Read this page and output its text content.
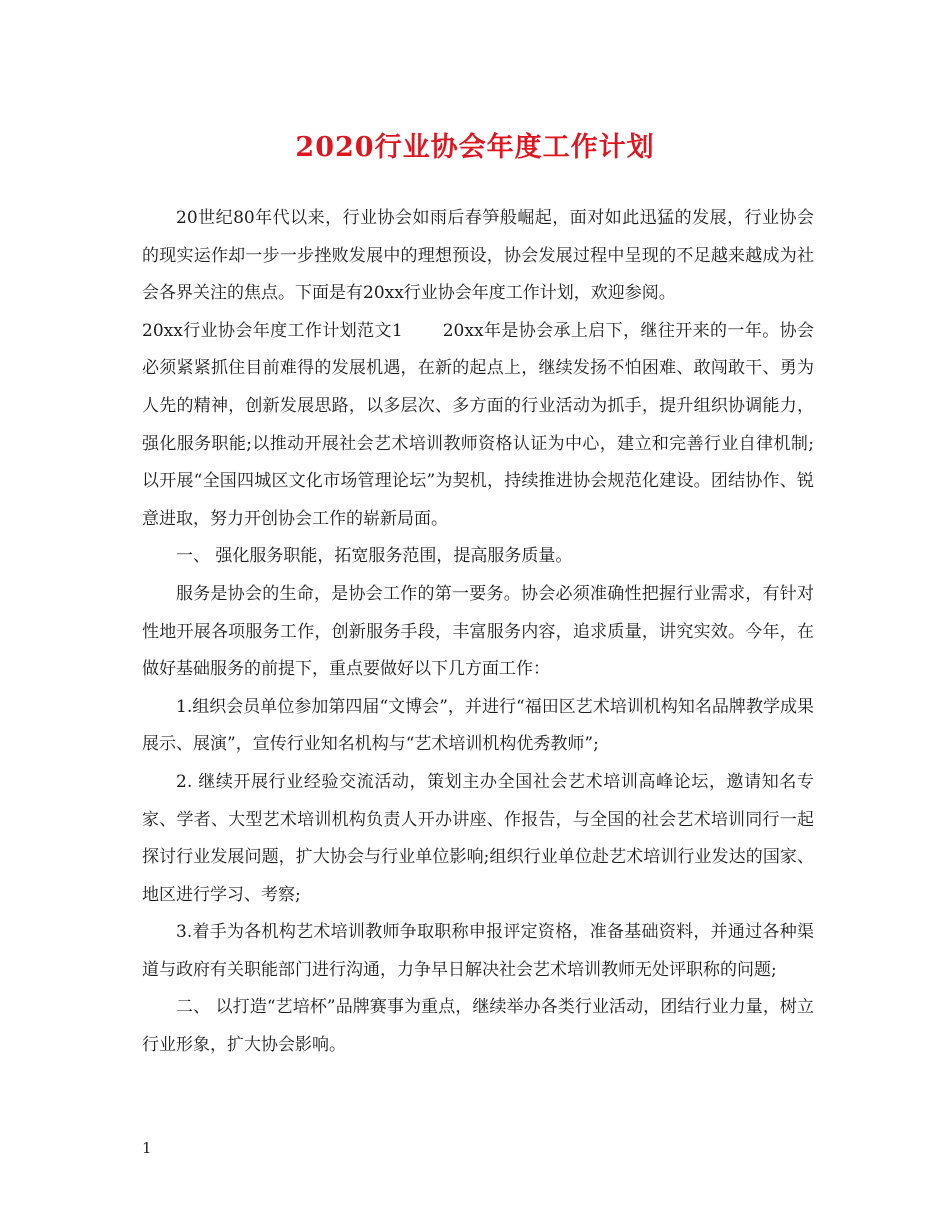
2020行业协会年度工作计划

20世纪80年代以来，行业协会如雨后春笋般崛起，面对如此迅猛的发展，行业协会的现实运作却一步一步挫败发展中的理想预设，协会发展过程中呈现的不足越来越成为社会各界关注的焦点。下面是有20xx行业协会年度工作计划，欢迎参阅。

20xx行业协会年度工作计划范文1 20xx年是协会承上启下，继往开来的一年。协会必须紧紧抓住目前难得的发展机遇，在新的起点上，继续发扬不怕困难、敢闯敢干、勇为人先的精神，创新发展思路，以多层次、多方面的行业活动为抓手，提升组织协调能力，强化服务职能;以推动开展社会艺术培训教师资格认证为中心，建立和完善行业自律机制;以开展“全国四城区文化市场管理论坛”为契机，持续推进协会规范化建设。团结协作、锐意进取，努力开创协会工作的崭新局面。

一、 强化服务职能，拓宽服务范围，提高服务质量。

服务是协会的生命，是协会工作的第一要务。协会必须准确性把握行业需求，有针对性地开展各项服务工作，创新服务手段，丰富服务内容，追求质量，讲究实效。今年，在做好基础服务的前提下，重点要做好以下几方面工作：

1.组织会员单位参加第四届“文博会”，并进行“福田区艺术培训机构知名品牌教学成果展示、展演”，宣传行业知名机构与“艺术培训机构优秀教师”;

2. 继续开展行业经验交流活动，策划主办全国社会艺术培训高峰论坛，邀请知名专家、学者、大型艺术培训机构负责人开办讲座、作报告，与全国的社会艺术培训同行一起探讨行业发展问题，扩大协会与行业单位影响;组织行业单位赴艺术培训行业发达的国家、地区进行学习、考察;

3.着手为各机构艺术培训教师争取职称申报评定资格，准备基础资料，并通过各种渠道与政府有关职能部门进行沟通，力争早日解决社会艺术培训教师无处评职称的问题;

二、 以打造“艺培杯”品牌赛事为重点，继续举办各类行业活动，团结行业力量，树立行业形象，扩大协会影响。

1
